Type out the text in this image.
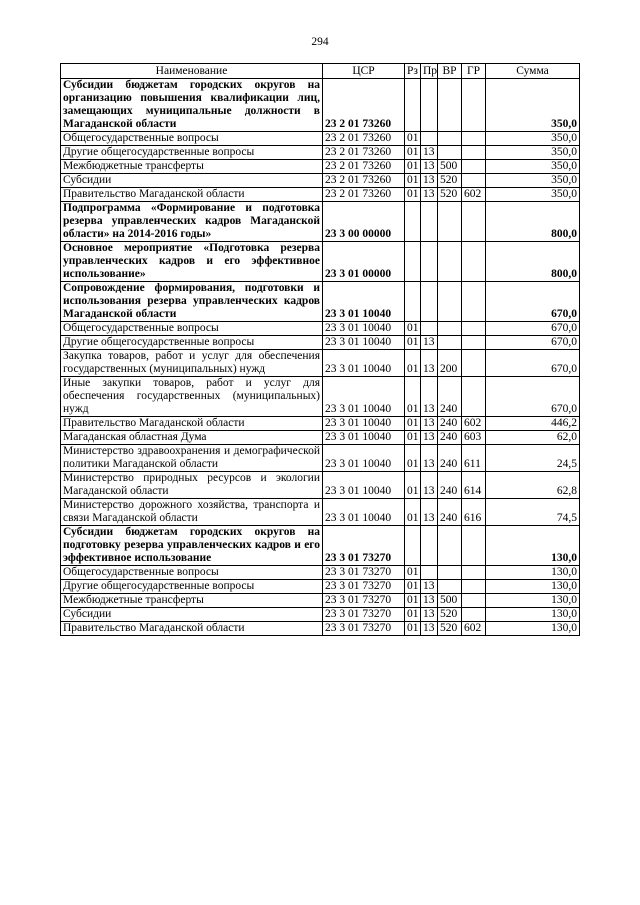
294
Наименование	ЦСР	Рз	Пр	ВР	ГР	Сумма
Субсидии бюджетам городских округов на организацию повышения квалификации лиц, замещающих муниципальные должности в Магаданской области	23 2 01 73260					350,0
Общегосударственные вопросы	23 2 01 73260	01				350,0
Другие общегосударственные вопросы	23 2 01 73260	01	13			350,0
Межбюджетные трансферты	23 2 01 73260	01	13	500		350,0
Субсидии	23 2 01 73260	01	13	520		350,0
Правительство Магаданской области	23 2 01 73260	01	13	520	602	350,0
Подпрограмма «Формирование и подготовка резерва управленческих кадров Магаданской области» на 2014-2016 годы»	23 3 00 00000					800,0
Основное мероприятие «Подготовка резерва управленческих кадров и его эффективное использование»	23 3 01 00000					800,0
Сопровождение формирования, подготовки и использования резерва управленческих кадров Магаданской области	23 3 01 10040					670,0
Общегосударственные вопросы	23 3 01 10040	01				670,0
Другие общегосударственные вопросы	23 3 01 10040	01	13			670,0
Закупка товаров, работ и услуг для обеспечения государственных (муниципальных) нужд	23 3 01 10040	01	13	200		670,0
Иные закупки товаров, работ и услуг для обеспечения государственных (муниципальных) нужд	23 3 01 10040	01	13	240		670,0
Правительство Магаданской области	23 3 01 10040	01	13	240	602	446,2
Магаданская областная Дума	23 3 01 10040	01	13	240	603	62,0
Министерство здравоохранения и демографической политики Магаданской области	23 3 01 10040	01	13	240	611	24,5
Министерство природных ресурсов и экологии Магаданской области	23 3 01 10040	01	13	240	614	62,8
Министерство дорожного хозяйства, транспорта и связи Магаданской области	23 3 01 10040	01	13	240	616	74,5
Субсидии бюджетам городских округов на подготовку резерва управленческих кадров и его эффективное использование	23 3 01 73270					130,0
Общегосударственные вопросы	23 3 01 73270	01				130,0
Другие общегосударственные вопросы	23 3 01 73270	01	13			130,0
Межбюджетные трансферты	23 3 01 73270	01	13	500		130,0
Субсидии	23 3 01 73270	01	13	520		130,0
Правительство Магаданской области	23 3 01 73270	01	13	520	602	130,0
